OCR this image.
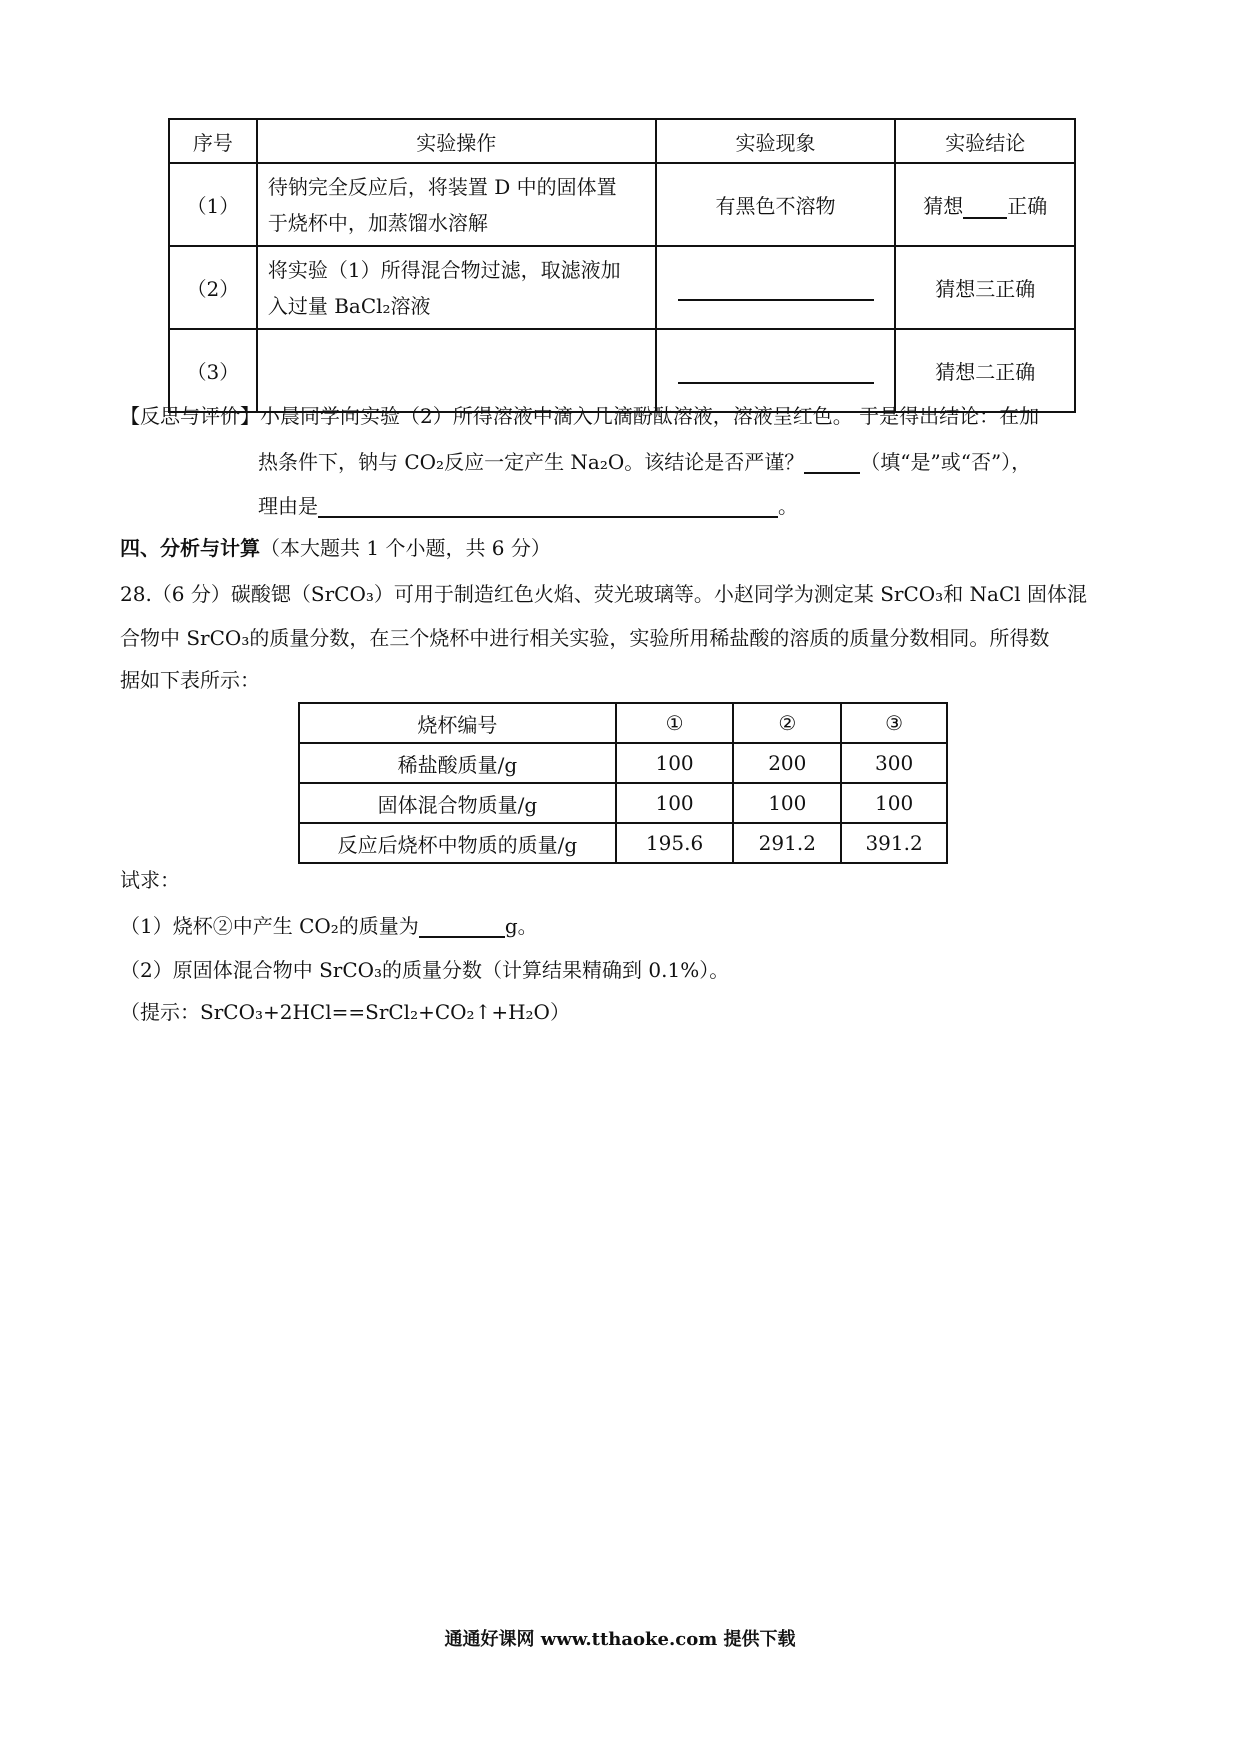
序号	实验操作	实验现象	实验结论
（1）	待钠完全反应后，将装置 D 中的固体置
于烧杯中，加蒸馏水溶解	有黑色不溶物	猜想 正确
（2）	将实验（1）所得混合物过滤，取滤液加
入过量 BaCl₂溶液		猜想三正确
（3）			猜想二正确
【反思与评价】小晨同学向实验（2）所得溶液中滴入几滴酚酞溶液，溶液呈红色。 于是得出结论：在加
热条件下，钠与 CO₂反应一定产生 Na₂O。该结论是否严谨？	（填“是”或“否”），
理由是	。
四、分析与计算（本大题共 1 个小题，共 6 分）
28.（6 分）碳酸锶（SrCO₃）可用于制造红色火焰、荧光玻璃等。小赵同学为测定某 SrCO₃和 NaCl 固体混
合物中 SrCO₃的质量分数，在三个烧杯中进行相关实验，实验所用稀盐酸的溶质的质量分数相同。所得数
据如下表所示：
烧杯编号	①	②	③
稀盐酸质量/g	100	200	300
固体混合物质量/g	100	100	100
反应后烧杯中物质的质量/g	195.6	291.2	391.2
试求：
（1）烧杯②中产生 CO₂的质量为	g。
（2）原固体混合物中 SrCO₃的质量分数（计算结果精确到 0.1%）。
（提示：SrCO₃+2HCl==SrCl₂+CO₂↑+H₂O）
通通好课网 www.tthaoke.com 提供下载
